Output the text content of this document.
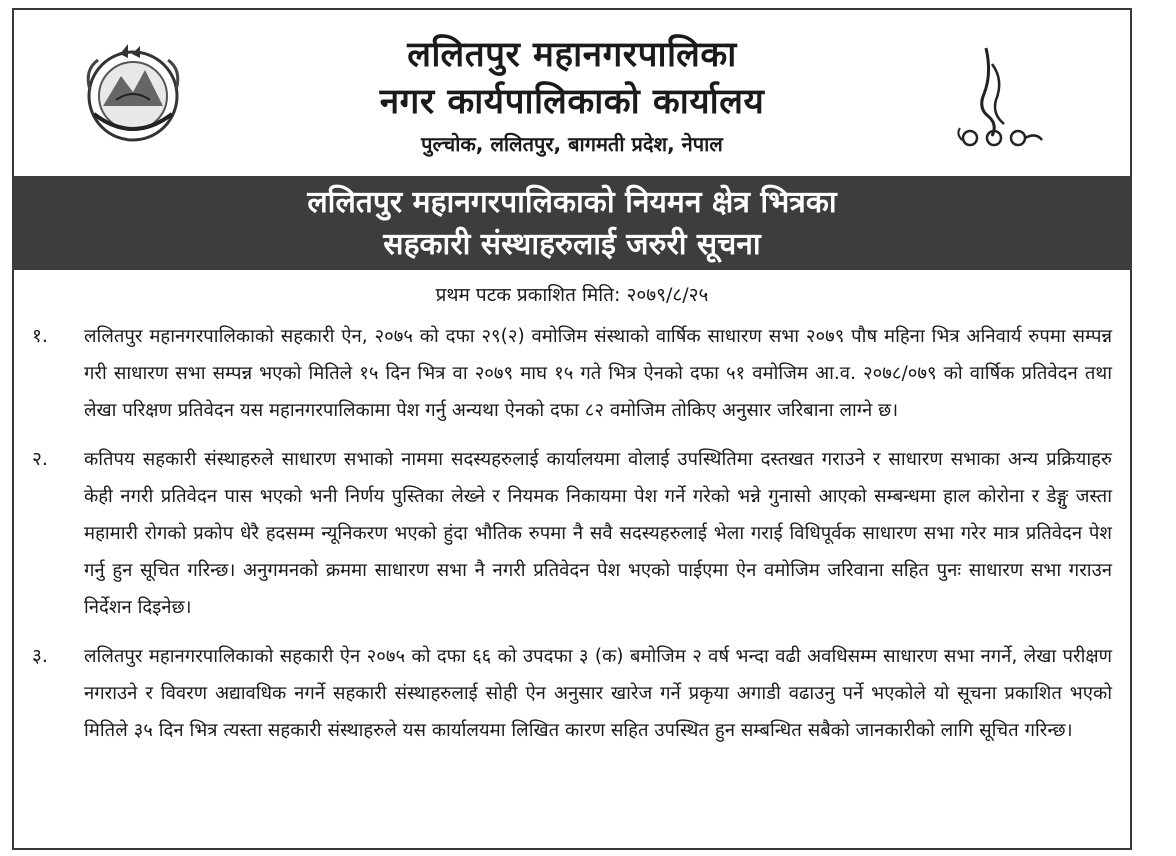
ललितपुर महानगरपालिका
नगर कार्यपालिकाको कार्यालय
पुल्चोक, ललितपुर, बागमती प्रदेश, नेपाल
ललितपुर महानगरपालिकाको नियमन क्षेत्र भित्रका
सहकारी संस्थाहरुलाई जरुरी सूचना
प्रथम पटक प्रकाशित मिति: २०७९/८/२५
१. ललितपुर महानगरपालिकाको सहकारी ऐन, २०७५ को दफा २९(२) वमोजिम संस्थाको वार्षिक साधारण सभा २०७९ पौष महिना भित्र अनिवार्य रुपमा सम्पन्न गरी साधारण सभा सम्पन्न भएको मितिले १५ दिन भित्र वा २०७९ माघ १५ गते भित्र ऐनको दफा ५१ वमोजिम आ.व. २०७८/०७९ को वार्षिक प्रतिवेदन तथा लेखा परिक्षण प्रतिवेदन यस महानगरपालिकामा पेश गर्नु अन्यथा ऐनको दफा ८२ वमोजिम तोकिए अनुसार जरिबाना लाग्ने छ।
२. कतिपय सहकारी संस्थाहरुले साधारण सभाको नाममा सदस्यहरुलाई कार्यालयमा वोलाई उपस्थितिमा दस्तखत गराउने र साधारण सभाका अन्य प्रक्रियाहरु केही नगरी प्रतिवेदन पास भएको भनी निर्णय पुस्तिका लेख्ने र नियमक निकायमा पेश गर्ने गरेको भन्ने गुनासो आएको सम्बन्धमा हाल कोरोना र डेङ्गु जस्ता महामारी रोगको प्रकोप धेरै हदसम्म न्यूनिकरण भएको हुंदा भौतिक रुपमा नै सवै सदस्यहरुलाई भेला गराई विधिपूर्वक साधारण सभा गरेर मात्र प्रतिवेदन पेश गर्नु हुन सूचित गरिन्छ। अनुगमनको क्रममा साधारण सभा नै नगरी प्रतिवेदन पेश भएको पाईएमा ऐन वमोजिम जरिवाना सहित पुनः साधारण सभा गराउन निर्देशन दिइनेछ।
३. ललितपुर महानगरपालिकाको सहकारी ऐन २०७५ को दफा ६६ को उपदफा ३ (क) बमोजिम २ वर्ष भन्दा वढी अवधिसम्म साधारण सभा नगर्ने, लेखा परीक्षण नगराउने र विवरण अद्यावधिक नगर्ने सहकारी संस्थाहरुलाई सोही ऐन अनुसार खारेज गर्ने प्रकृया अगाडी वढाउनु पर्ने भएकोले यो सूचना प्रकाशित भएको मितिले ३५ दिन भित्र त्यस्ता सहकारी संस्थाहरुले यस कार्यालयमा लिखित कारण सहित उपस्थित हुन सम्बन्धित सबैको जानकारीको लागि सूचित गरिन्छ।
